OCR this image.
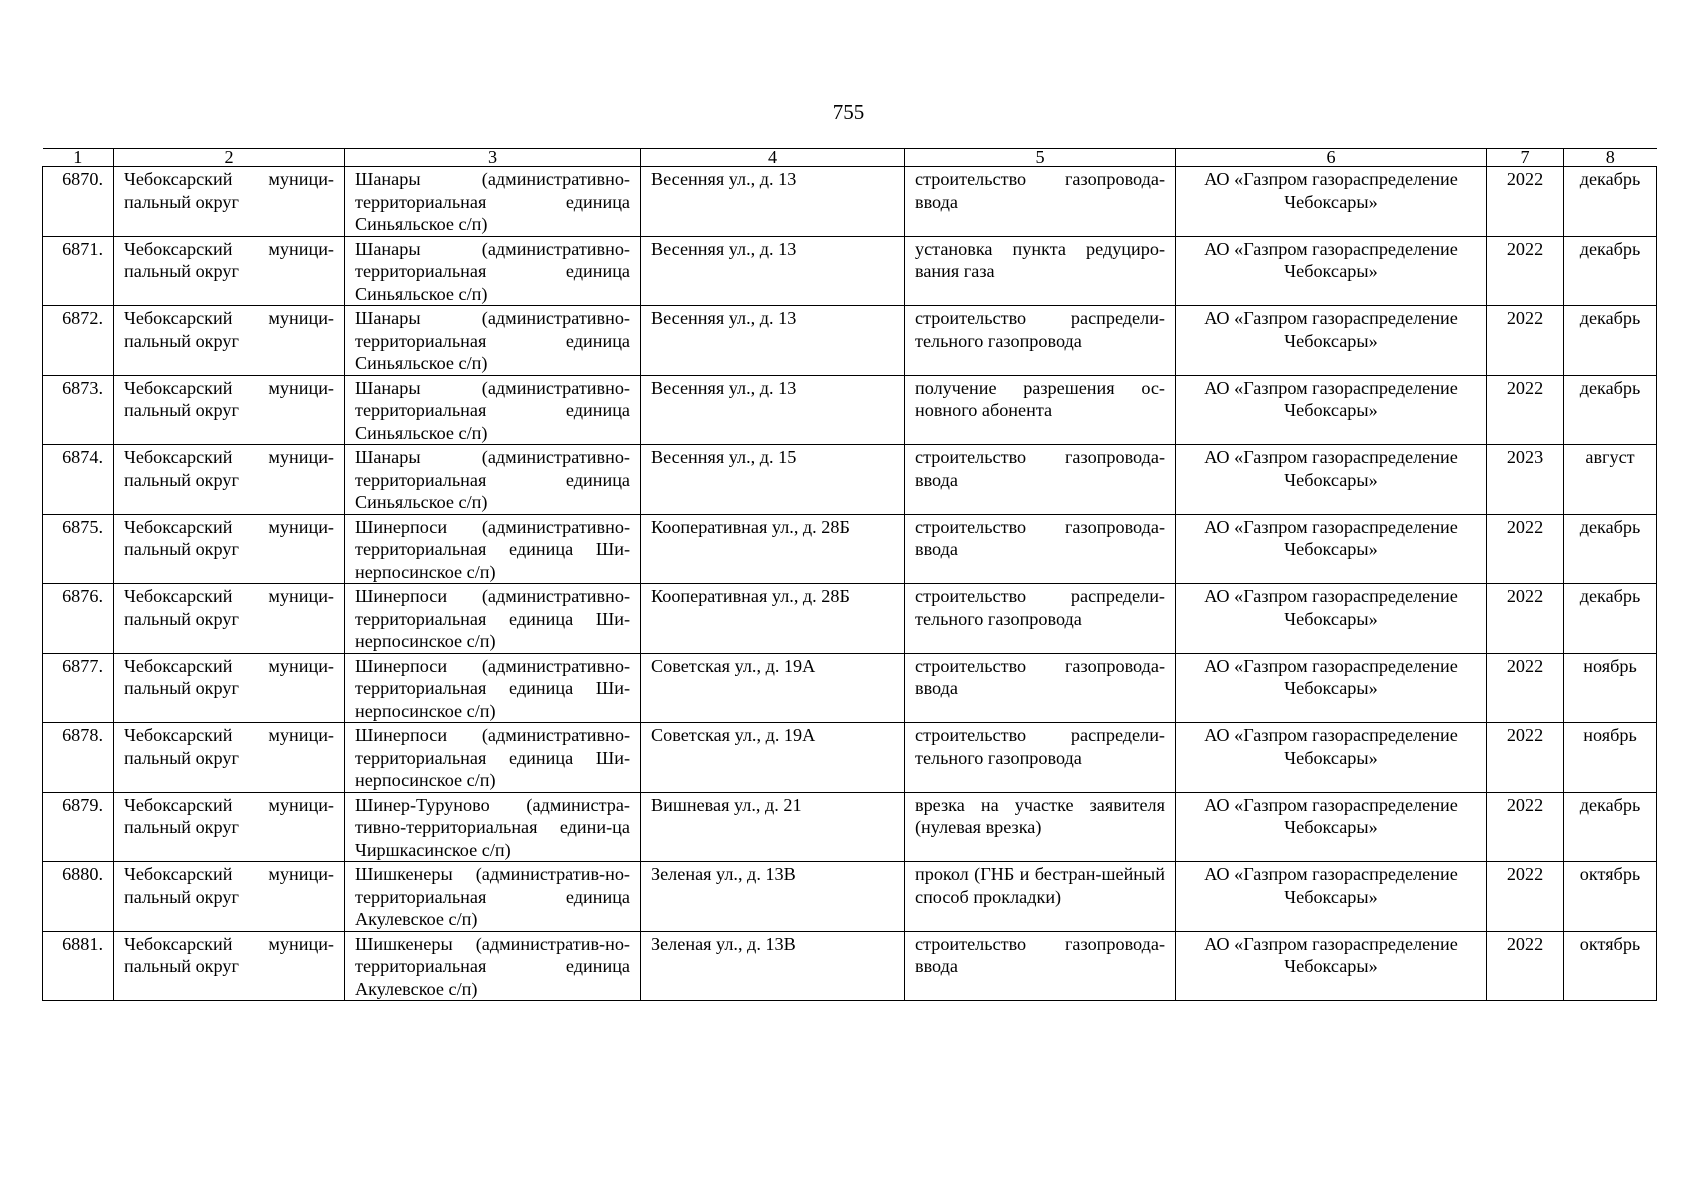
755
1	2	3	4	5	6	7	8
6870.	Чебоксарский муници-пальный округ	Шанары (административно-территориальная единица Синьяльское с/п)	Весенняя ул., д. 13	строительство газопровода-ввода	АО «Газпром газораспределение Чебоксары»	2022	декабрь
6871.	Чебоксарский муници-пальный округ	Шанары (административно-территориальная единица Синьяльское с/п)	Весенняя ул., д. 13	установка пункта редуциро-вания газа	АО «Газпром газораспределение Чебоксары»	2022	декабрь
6872.	Чебоксарский муници-пальный округ	Шанары (административно-территориальная единица Синьяльское с/п)	Весенняя ул., д. 13	строительство распредели-тельного газопровода	АО «Газпром газораспределение Чебоксары»	2022	декабрь
6873.	Чебоксарский муници-пальный округ	Шанары (административно-территориальная единица Синьяльское с/п)	Весенняя ул., д. 13	получение разрешения ос-новного абонента	АО «Газпром газораспределение Чебоксары»	2022	декабрь
6874.	Чебоксарский муници-пальный округ	Шанары (административно-территориальная единица Синьяльское с/п)	Весенняя ул., д. 15	строительство газопровода-ввода	АО «Газпром газораспределение Чебоксары»	2023	август
6875.	Чебоксарский муници-пальный округ	Шинерпоси (административно-территориальная единица Ши-нерпосинское с/п)	Кооперативная ул., д. 28Б	строительство газопровода-ввода	АО «Газпром газораспределение Чебоксары»	2022	декабрь
6876.	Чебоксарский муници-пальный округ	Шинерпоси (административно-территориальная единица Ши-нерпосинское с/п)	Кооперативная ул., д. 28Б	строительство распредели-тельного газопровода	АО «Газпром газораспределение Чебоксары»	2022	декабрь
6877.	Чебоксарский муници-пальный округ	Шинерпоси (административно-территориальная единица Ши-нерпосинское с/п)	Советская ул., д. 19А	строительство газопровода-ввода	АО «Газпром газораспределение Чебоксары»	2022	ноябрь
6878.	Чебоксарский муници-пальный округ	Шинерпоси (административно-территориальная единица Ши-нерпосинское с/п)	Советская ул., д. 19А	строительство распредели-тельного газопровода	АО «Газпром газораспределение Чебоксары»	2022	ноябрь
6879.	Чебоксарский муници-пальный округ	Шинер-Туруново (администра-тивно-территориальная едини-ца Чиршкасинское с/п)	Вишневая ул., д. 21	врезка на участке заявителя (нулевая врезка)	АО «Газпром газораспределение Чебоксары»	2022	декабрь
6880.	Чебоксарский муници-пальный округ	Шишкенеры (административ-но-территориальная единица Акулевское с/п)	Зеленая ул., д. 13В	прокол (ГНБ и бестран-шейный способ прокладки)	АО «Газпром газораспределение Чебоксары»	2022	октябрь
6881.	Чебоксарский муници-пальный округ	Шишкенеры (административ-но-территориальная единица Акулевское с/п)	Зеленая ул., д. 13В	строительство газопровода-ввода	АО «Газпром газораспределение Чебоксары»	2022	октябрь
